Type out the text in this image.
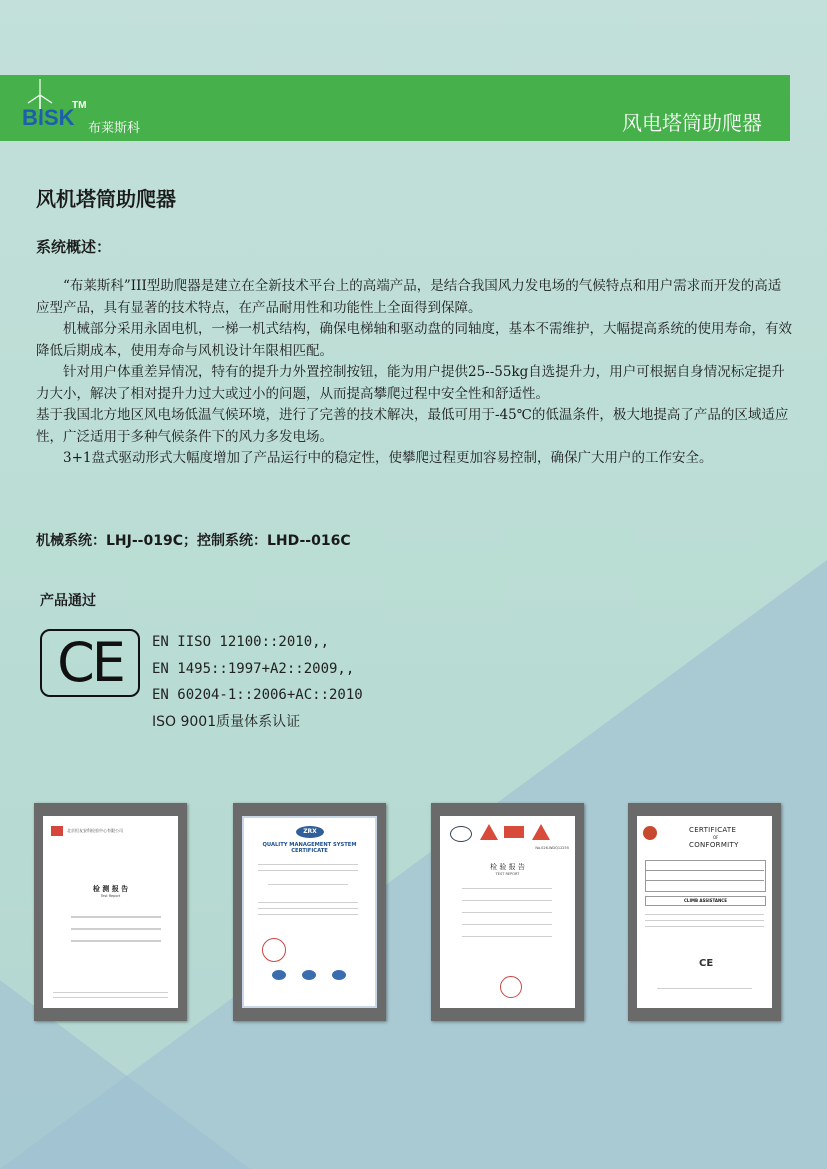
BlSK
TM
布莱斯科	风电塔筒助爬器
风机塔筒助爬器
系统概述：

“布莱斯科”III型助爬器是建立在全新技术平台上的高端产品，是结合我国风力发电场的气候特点和用户需求而开发的高适应型产品，具有显著的技术特点，在产品耐用性和功能性上全面得到保障。

机械部分采用永固电机，一梯一机式结构，确保电梯轴和驱动盘的同轴度，基本不需维护，大幅提高系统的使用寿命，有效降低后期成本，使用寿命与风机设计年限相匹配。

针对用户体重差异情况，特有的提升力外置控制按钮，能为用户提供25--55kg自选提升力，用户可根据自身情况标定提升力大小，解决了相对提升力过大或过小的问题，从而提高攀爬过程中安全性和舒适性。

基于我国北方地区风电场低温气候环境，进行了完善的技术解决，最低可用于-45℃的低温条件，极大地提高了产品的区域适应性，广泛适用于多种气候条件下的风力多发电场。

3+1盘式驱动形式大幅度增加了产品运行中的稳定性，使攀爬过程更加容易控制，确保广大用户的工作安全。

机械系统：LHJ--019C；控制系统：LHD--016C
产品通过
CE	EN IISO 12100::2010,,
EN 1495::1997+A2::2009,,
EN 60204-1::2006+AC::2010
ISO 9001质量体系认证
北京恒友安科检验中心有限公司
检 测 报 告
Test Report
ZRX
QUALITY MANAGEMENT SYSTEM CERTIFICATE	No.026-WDQ12255
检 验 报 告
TEST REPORT
CERTIFICATE
OF
CONFORMITY
CLIMB ASSISTANCE
CE
